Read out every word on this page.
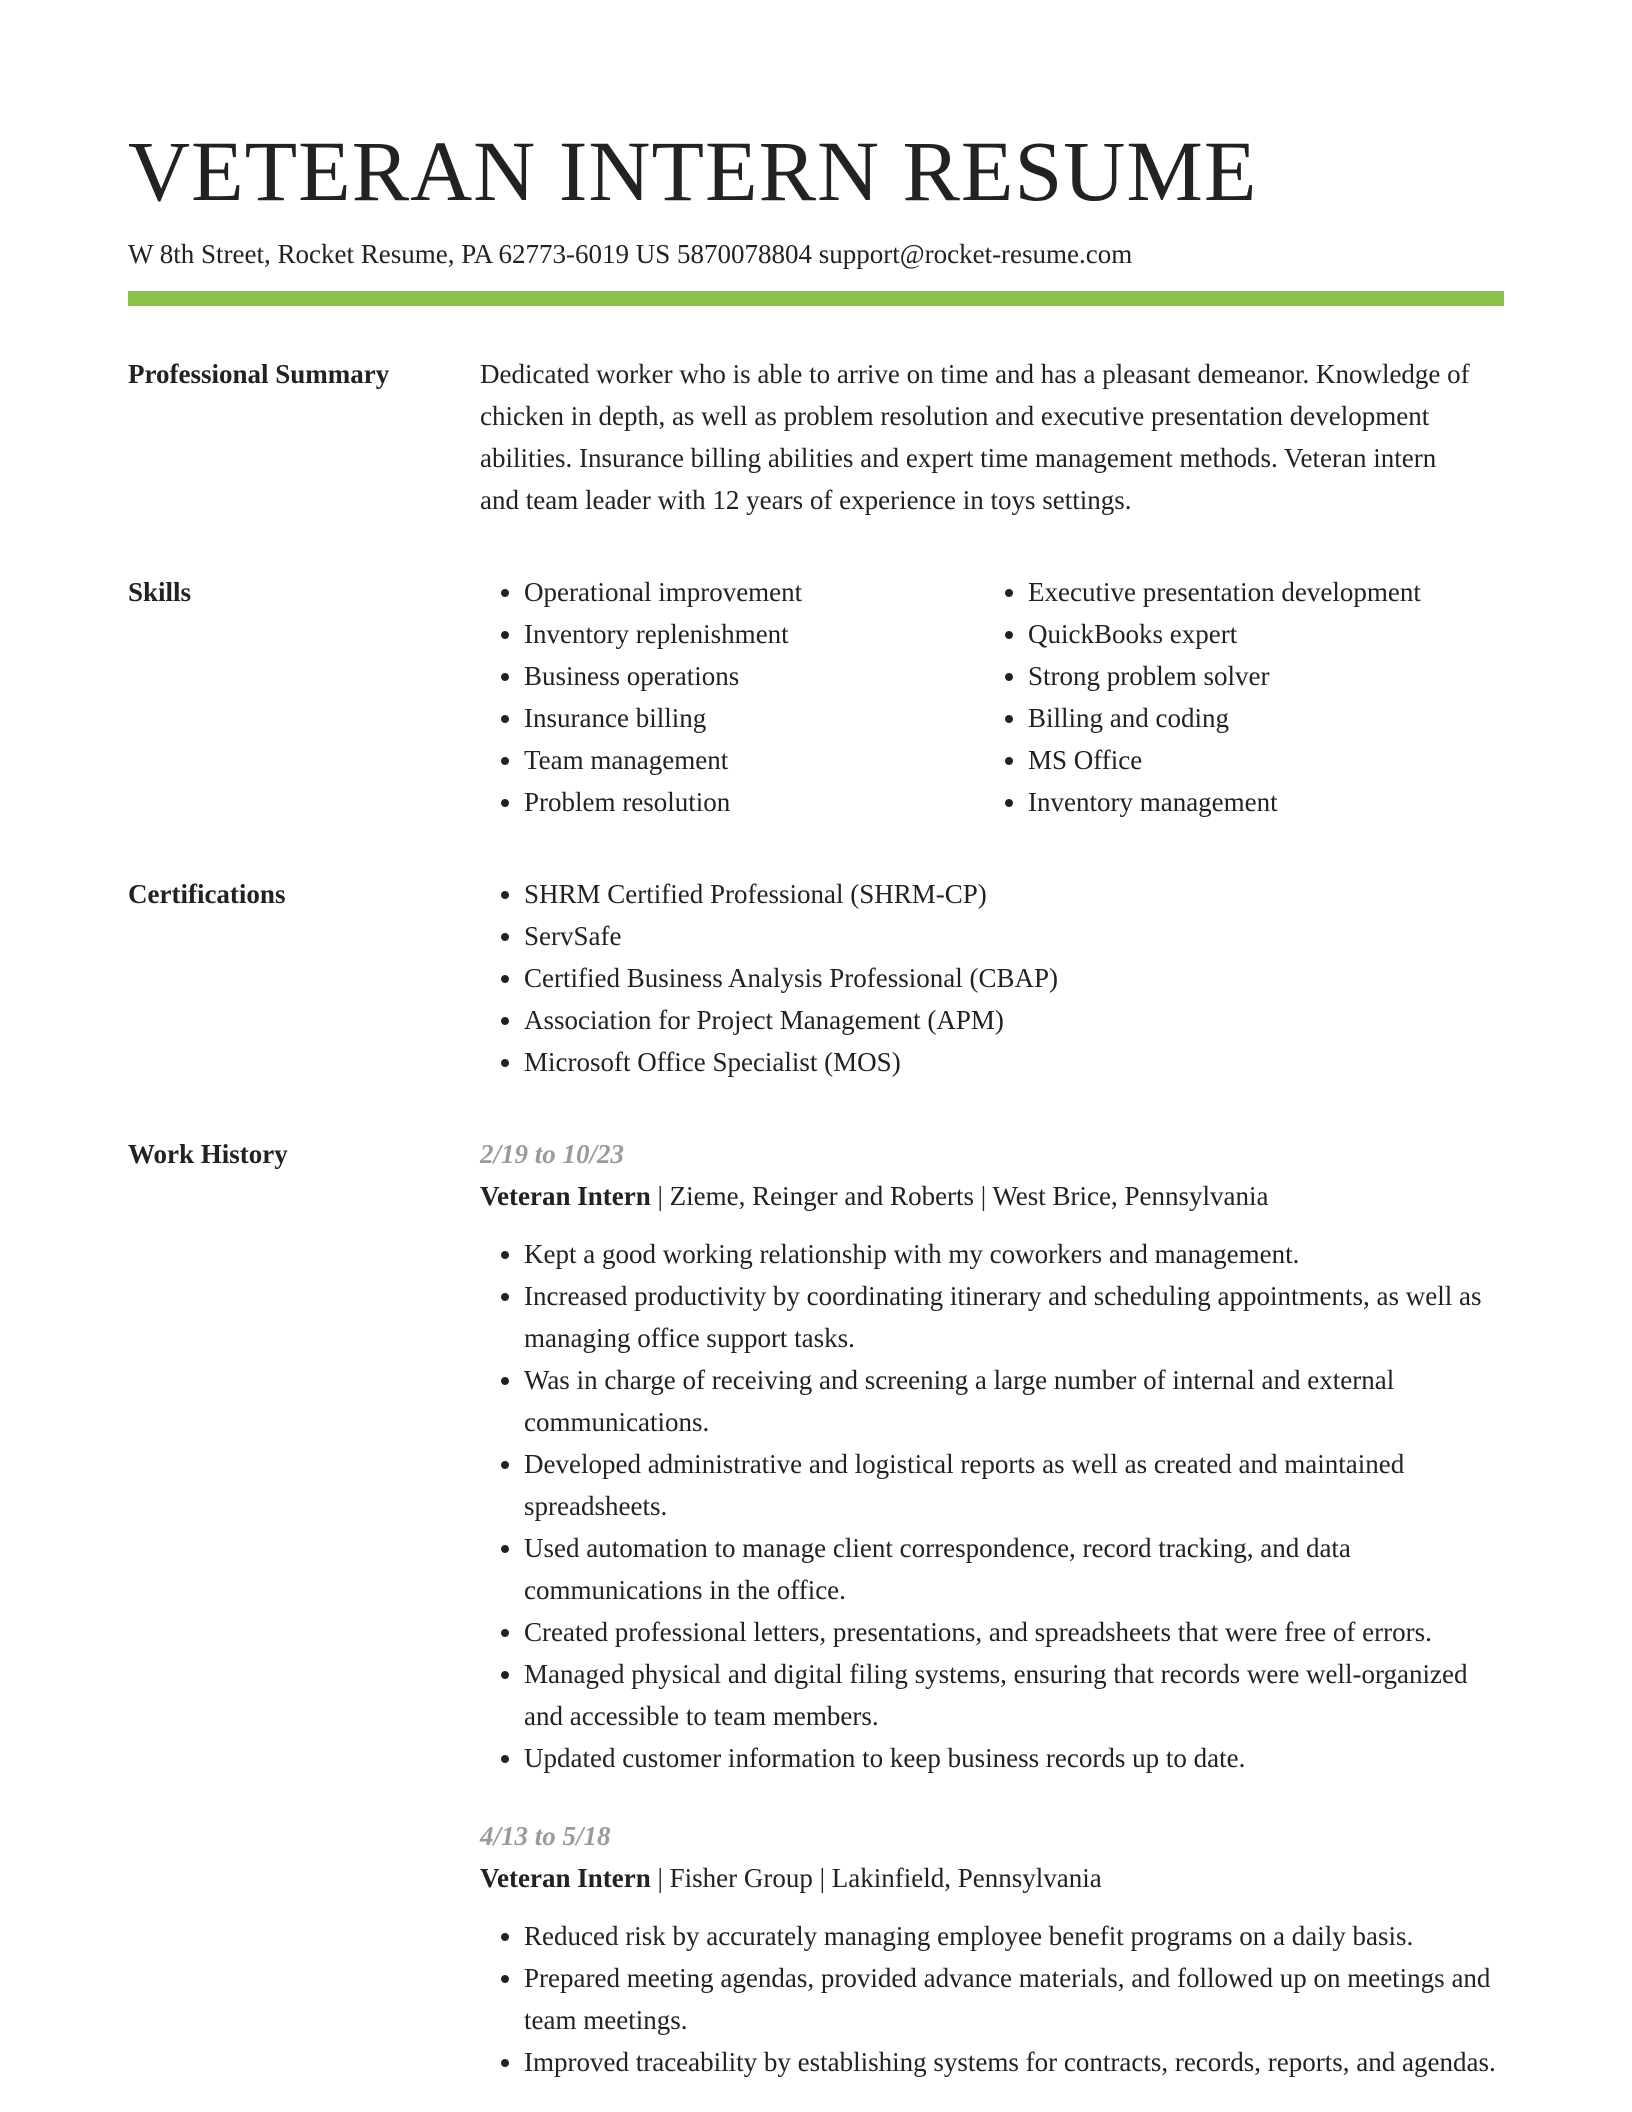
VETERAN INTERN RESUME
W 8th Street, Rocket Resume, PA 62773-6019 US 5870078804 support@rocket-resume.com
Professional Summary	Dedicated worker who is able to arrive on time and has a pleasant demeanor. Knowledge of chicken in depth, as well as problem resolution and executive presentation development abilities. Insurance billing abilities and expert time management methods. Veteran intern and team leader with 12 years of experience in toys settings.

Skills	• Operational improvement
• Inventory replenishment
• Business operations
• Insurance billing
• Team management
• Problem resolution
• Executive presentation development
• QuickBooks expert
• Strong problem solver
• Billing and coding
• MS Office
• Inventory management
Certifications	• SHRM Certified Professional (SHRM-CP)
• ServSafe
• Certified Business Analysis Professional (CBAP)
• Association for Project Management (APM)
• Microsoft Office Specialist (MOS)
Work History	2/19 to 10/23
Veteran Intern | Zieme, Reinger and Roberts | West Brice, Pennsylvania
• Kept a good working relationship with my coworkers and management.
• Increased productivity by coordinating itinerary and scheduling appointments, as well as managing office support tasks.
• Was in charge of receiving and screening a large number of internal and external communications.
• Developed administrative and logistical reports as well as created and maintained spreadsheets.
• Used automation to manage client correspondence, record tracking, and data communications in the office.
• Created professional letters, presentations, and spreadsheets that were free of errors.
• Managed physical and digital filing systems, ensuring that records were well-organized and accessible to team members.
• Updated customer information to keep business records up to date.
4/13 to 5/18
Veteran Intern | Fisher Group | Lakinfield, Pennsylvania
• Reduced risk by accurately managing employee benefit programs on a daily basis.
• Prepared meeting agendas, provided advance materials, and followed up on meetings and team meetings.
• Improved traceability by establishing systems for contracts, records, reports, and agendas.
